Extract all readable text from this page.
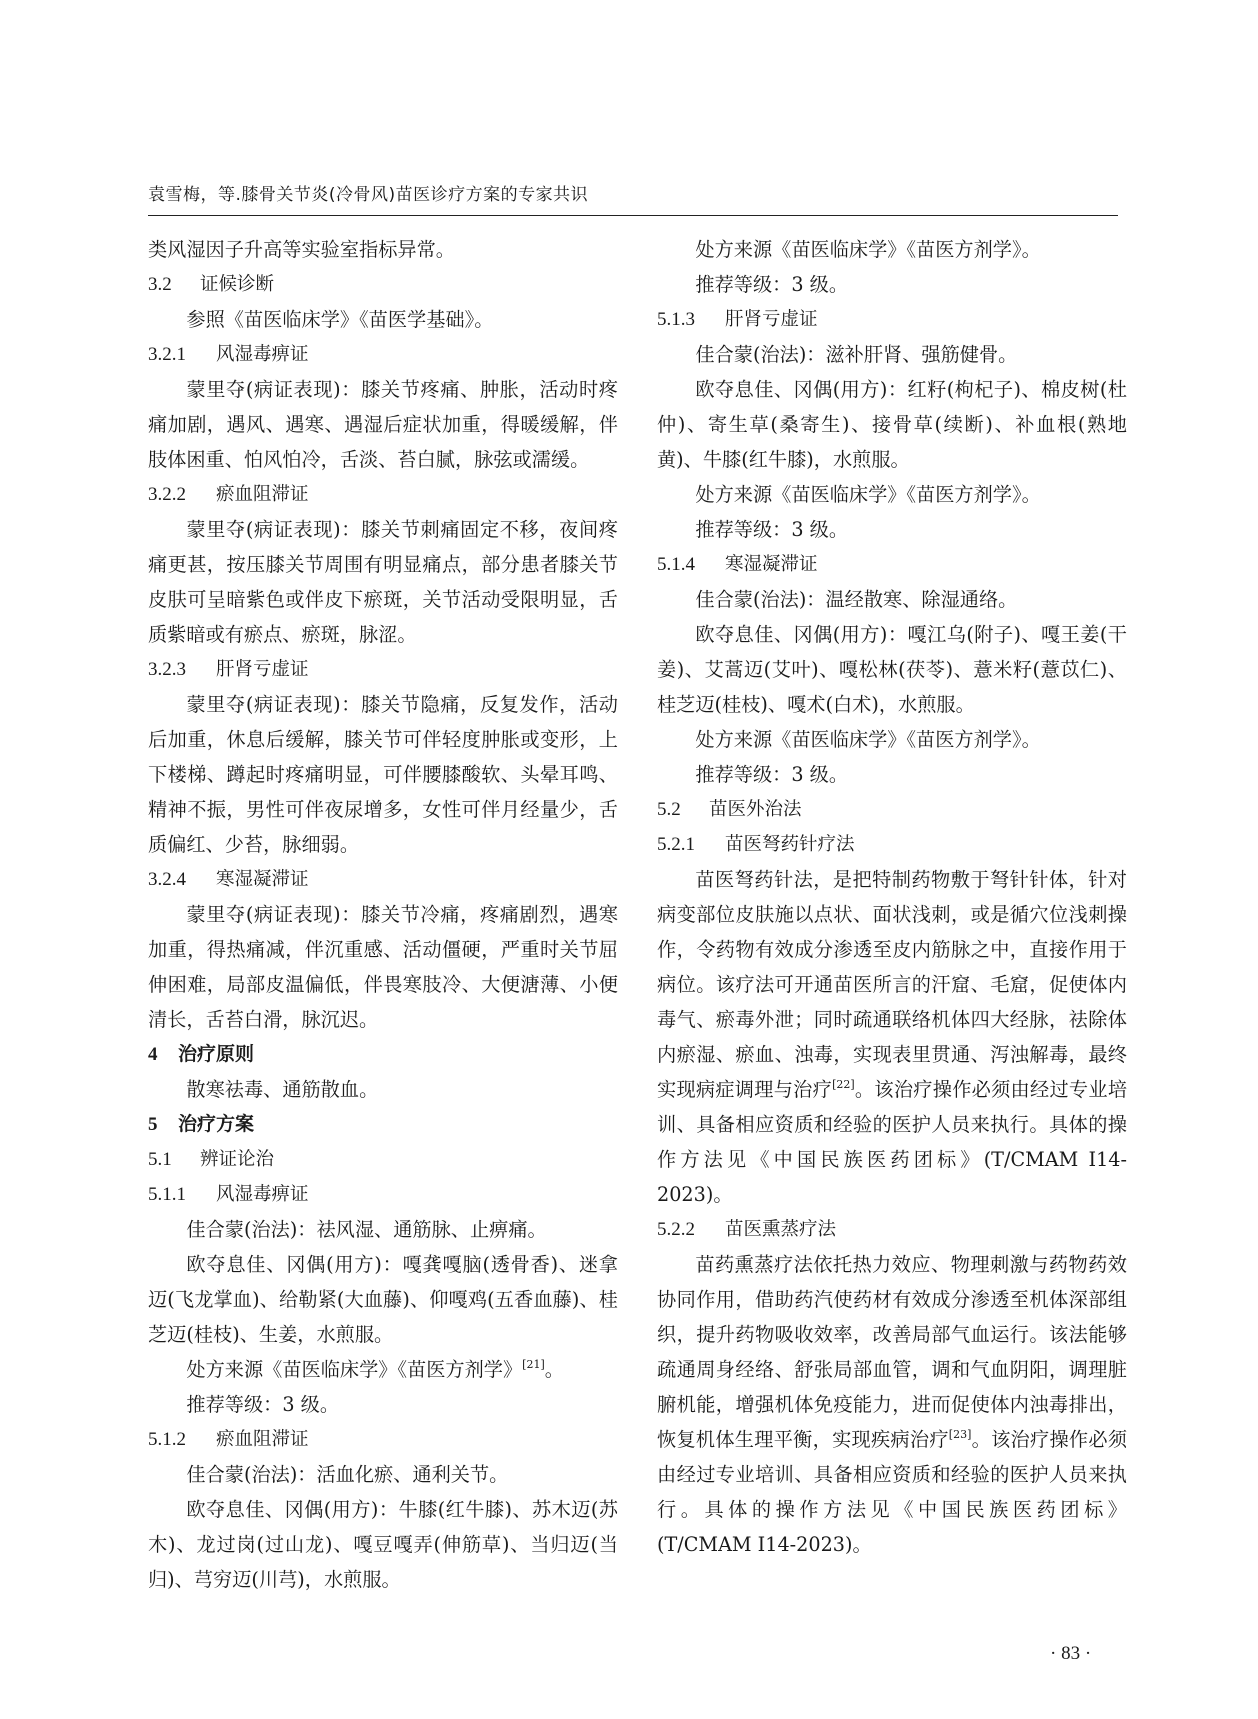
袁雪梅，等.膝骨关节炎(冷骨风)苗医诊疗方案的专家共识

类风湿因子升高等实验室指标异常。

3.2 证候诊断

参照《苗医临床学》《苗医学基础》。

3.2.1 风湿毒痹证

蒙里夺(病证表现)：膝关节疼痛、肿胀，活动时疼痛加剧，遇风、遇寒、遇湿后症状加重，得暖缓解，伴肢体困重、怕风怕冷，舌淡、苔白腻，脉弦或濡缓。

3.2.2 瘀血阻滞证

蒙里夺(病证表现)：膝关节刺痛固定不移，夜间疼痛更甚，按压膝关节周围有明显痛点，部分患者膝关节皮肤可呈暗紫色或伴皮下瘀斑，关节活动受限明显，舌质紫暗或有瘀点、瘀斑，脉涩。

3.2.3 肝肾亏虚证

蒙里夺(病证表现)：膝关节隐痛，反复发作，活动后加重，休息后缓解，膝关节可伴轻度肿胀或变形，上下楼梯、蹲起时疼痛明显，可伴腰膝酸软、头晕耳鸣、精神不振，男性可伴夜尿增多，女性可伴月经量少，舌质偏红、少苔，脉细弱。

3.2.4 寒湿凝滞证

蒙里夺(病证表现)：膝关节冷痛，疼痛剧烈，遇寒加重，得热痛减，伴沉重感、活动僵硬，严重时关节屈伸困难，局部皮温偏低，伴畏寒肢冷、大便溏薄、小便清长，舌苔白滑，脉沉迟。

4 治疗原则

散寒祛毒、通筋散血。

5 治疗方案

5.1 辨证论治

5.1.1 风湿毒痹证

佳合蒙(治法)：祛风湿、通筋脉、止痹痛。

欧夺息佳、冈偶(用方)：嘎龚嘎脑(透骨香)、迷拿迈(飞龙掌血)、给勒紧(大血藤)、仰嘎鸡(五香血藤)、桂芝迈(桂枝)、生姜，水煎服。

处方来源《苗医临床学》《苗医方剂学》[21]。

推荐等级：3 级。

5.1.2 瘀血阻滞证

佳合蒙(治法)：活血化瘀、通利关节。

欧夺息佳、冈偶(用方)：牛膝(红牛膝)、苏木迈(苏木)、龙过岗(过山龙)、嘎豆嘎弄(伸筋草)、当归迈(当归)、芎穷迈(川芎)，水煎服。

处方来源《苗医临床学》《苗医方剂学》。

推荐等级：3 级。

5.1.3 肝肾亏虚证

佳合蒙(治法)：滋补肝肾、强筋健骨。

欧夺息佳、冈偶(用方)：红籽(枸杞子)、棉皮树(杜仲)、寄生草(桑寄生)、接骨草(续断)、补血根(熟地黄)、牛膝(红牛膝)，水煎服。

处方来源《苗医临床学》《苗医方剂学》。

推荐等级：3 级。

5.1.4 寒湿凝滞证

佳合蒙(治法)：温经散寒、除湿通络。

欧夺息佳、冈偶(用方)：嘎江乌(附子)、嘎王姜(干姜)、艾蒿迈(艾叶)、嘎松林(茯苓)、薏米籽(薏苡仁)、桂芝迈(桂枝)、嘎术(白术)，水煎服。

处方来源《苗医临床学》《苗医方剂学》。

推荐等级：3 级。

5.2 苗医外治法

5.2.1 苗医弩药针疗法

苗医弩药针法，是把特制药物敷于弩针针体，针对病变部位皮肤施以点状、面状浅刺，或是循穴位浅刺操作，令药物有效成分渗透至皮内筋脉之中，直接作用于病位。该疗法可开通苗医所言的汗窟、毛窟，促使体内毒气、瘀毒外泄；同时疏通联络机体四大经脉，祛除体内瘀湿、瘀血、浊毒，实现表里贯通、泻浊解毒，最终实现病症调理与治疗[22]。该治疗操作必须由经过专业培训、具备相应资质和经验的医护人员来执行。具体的操作方法见《中国民族医药团标》(T/CMAM I14-2023)。

5.2.2 苗医熏蒸疗法

苗药熏蒸疗法依托热力效应、物理刺激与药物药效协同作用，借助药汽使药材有效成分渗透至机体深部组织，提升药物吸收效率，改善局部气血运行。该法能够疏通周身经络、舒张局部血管，调和气血阴阳，调理脏腑机能，增强机体免疫能力，进而促使体内浊毒排出，恢复机体生理平衡，实现疾病治疗[23]。该治疗操作必须由经过专业培训、具备相应资质和经验的医护人员来执行。具体的操作方法见《中国民族医药团标》(T/CMAM I14-2023)。

· 83 ·
